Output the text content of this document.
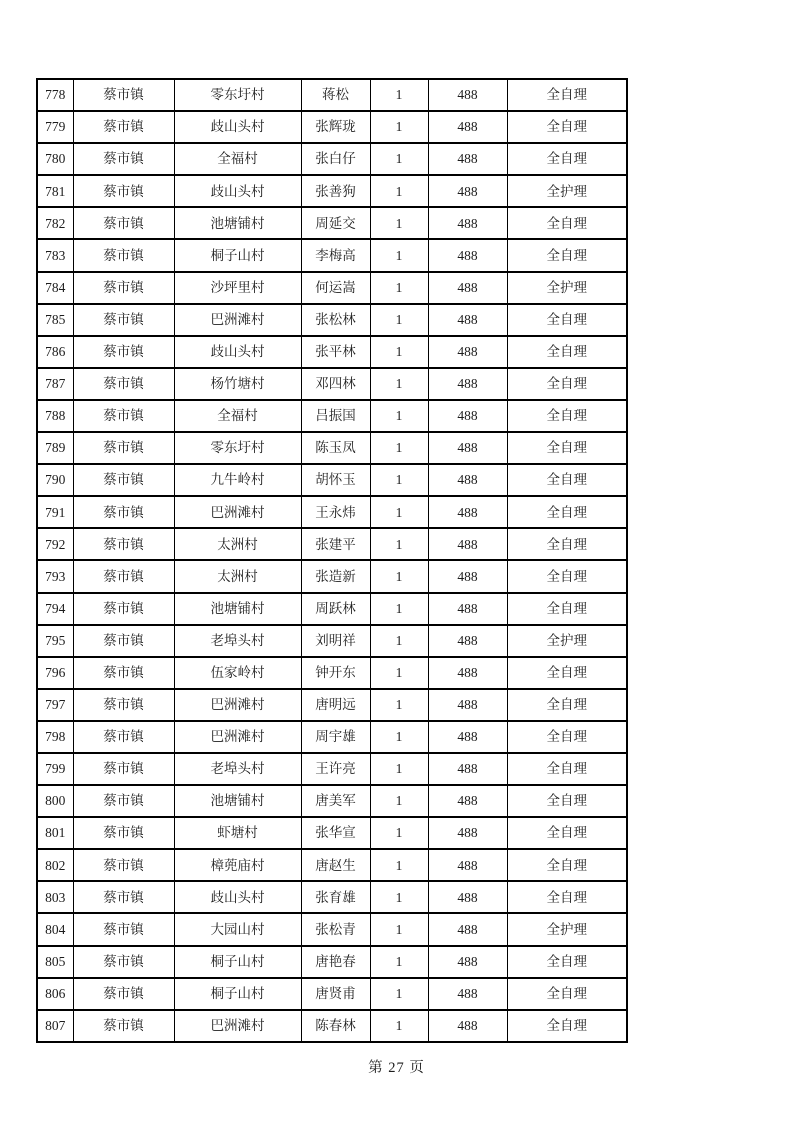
778	蔡市镇	零东圩村	蒋松	1	488	全自理
779	蔡市镇	歧山头村	张辉珑	1	488	全自理
780	蔡市镇	全福村	张白仔	1	488	全自理
781	蔡市镇	歧山头村	张善狗	1	488	全护理
782	蔡市镇	池塘铺村	周延交	1	488	全自理
783	蔡市镇	桐子山村	李梅高	1	488	全自理
784	蔡市镇	沙坪里村	何运嵩	1	488	全护理
785	蔡市镇	巴洲滩村	张松林	1	488	全自理
786	蔡市镇	歧山头村	张平林	1	488	全自理
787	蔡市镇	杨竹塘村	邓四林	1	488	全自理
788	蔡市镇	全福村	吕振国	1	488	全自理
789	蔡市镇	零东圩村	陈玉凤	1	488	全自理
790	蔡市镇	九牛岭村	胡怀玉	1	488	全自理
791	蔡市镇	巴洲滩村	王永炜	1	488	全自理
792	蔡市镇	太洲村	张建平	1	488	全自理
793	蔡市镇	太洲村	张造新	1	488	全自理
794	蔡市镇	池塘铺村	周跃林	1	488	全自理
795	蔡市镇	老埠头村	刘明祥	1	488	全护理
796	蔡市镇	伍家岭村	钟开东	1	488	全自理
797	蔡市镇	巴洲滩村	唐明远	1	488	全自理
798	蔡市镇	巴洲滩村	周宇雄	1	488	全自理
799	蔡市镇	老埠头村	王许亮	1	488	全自理
800	蔡市镇	池塘铺村	唐美军	1	488	全自理
801	蔡市镇	虾塘村	张华宣	1	488	全自理
802	蔡市镇	樟蔸庙村	唐赵生	1	488	全自理
803	蔡市镇	歧山头村	张育雄	1	488	全自理
804	蔡市镇	大园山村	张松青	1	488	全护理
805	蔡市镇	桐子山村	唐艳春	1	488	全自理
806	蔡市镇	桐子山村	唐贤甫	1	488	全自理
807	蔡市镇	巴洲滩村	陈春林	1	488	全自理
第 27 页
